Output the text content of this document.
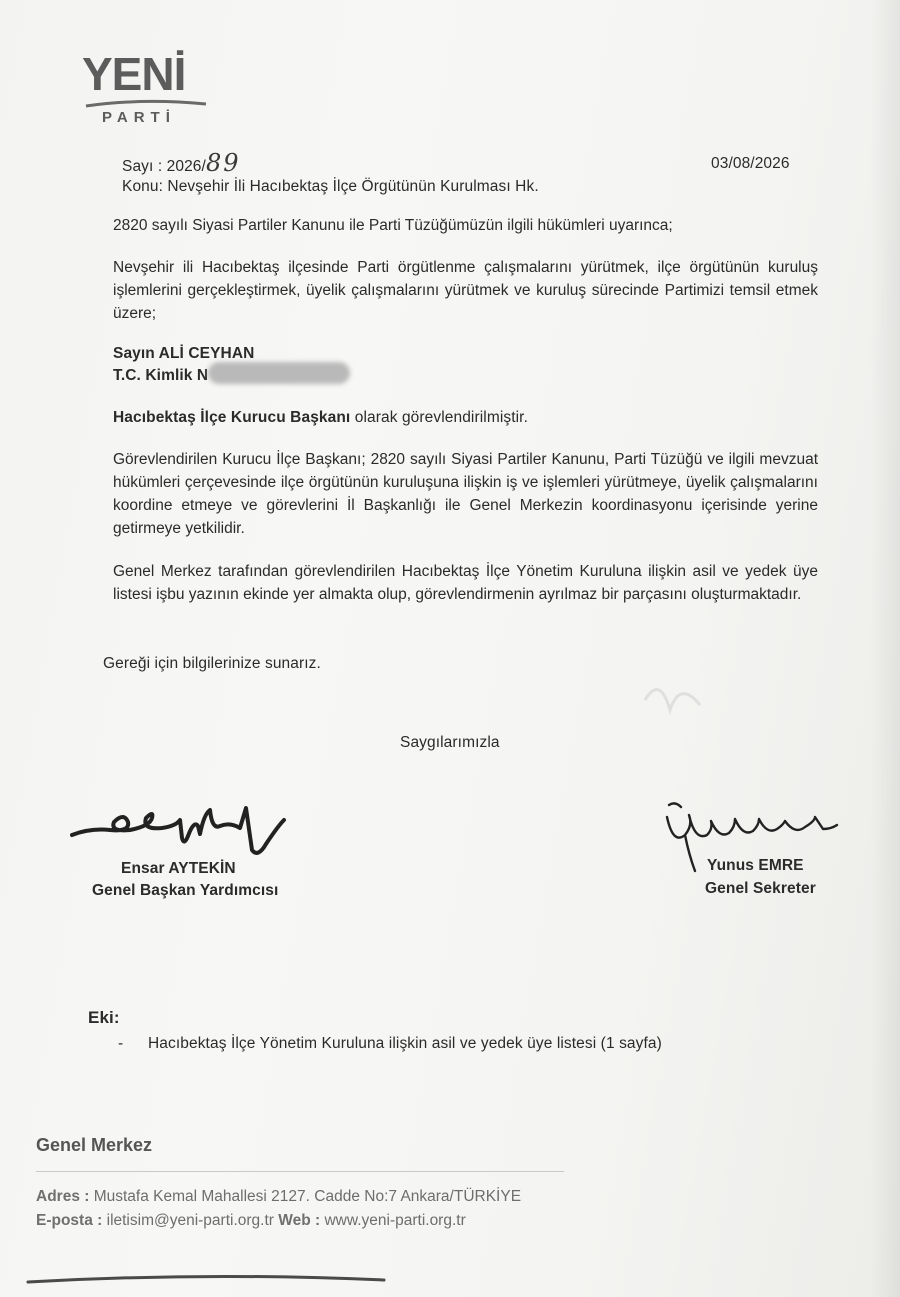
YENİ
PARTİ
Sayı : 2026/89	03/08/2026
Konu: Nevşehir İli Hacıbektaş İlçe Örgütünün Kurulması Hk.
2820 sayılı Siyasi Partiler Kanunu ile Parti Tüzüğümüzün ilgili hükümleri uyarınca;
Nevşehir ili Hacıbektaş ilçesinde Parti örgütlenme çalışmalarını yürütmek, ilçe örgütünün kuruluş işlemlerini gerçekleştirmek, üyelik çalışmalarını yürütmek ve kuruluş sürecinde Partimizi temsil etmek üzere;
Sayın ALİ CEYHAN
T.C. Kimlik N
Hacıbektaş İlçe Kurucu Başkanı olarak görevlendirilmiştir.
Görevlendirilen Kurucu İlçe Başkanı; 2820 sayılı Siyasi Partiler Kanunu, Parti Tüzüğü ve ilgili mevzuat hükümleri çerçevesinde ilçe örgütünün kuruluşuna ilişkin iş ve işlemleri yürütmeye, üyelik çalışmalarını koordine etmeye ve görevlerini İl Başkanlığı ile Genel Merkezin koordinasyonu içerisinde yerine getirmeye yetkilidir.
Genel Merkez tarafından görevlendirilen Hacıbektaş İlçe Yönetim Kuruluna ilişkin asil ve yedek üye listesi işbu yazının ekinde yer almakta olup, görevlendirmenin ayrılmaz bir parçasını oluşturmaktadır.
Gereği için bilgilerinize sunarız.
Saygılarımızla
Ensar AYTEKİN
Genel Başkan Yardımcısı
Yunus EMRE
Genel Sekreter
Eki:
- Hacıbektaş İlçe Yönetim Kuruluna ilişkin asil ve yedek üye listesi (1 sayfa)
Genel Merkez
Adres : Mustafa Kemal Mahallesi 2127. Cadde No:7 Ankara/TÜRKİYE
E-posta : iletisim@yeni-parti.org.tr Web : www.yeni-parti.org.tr
